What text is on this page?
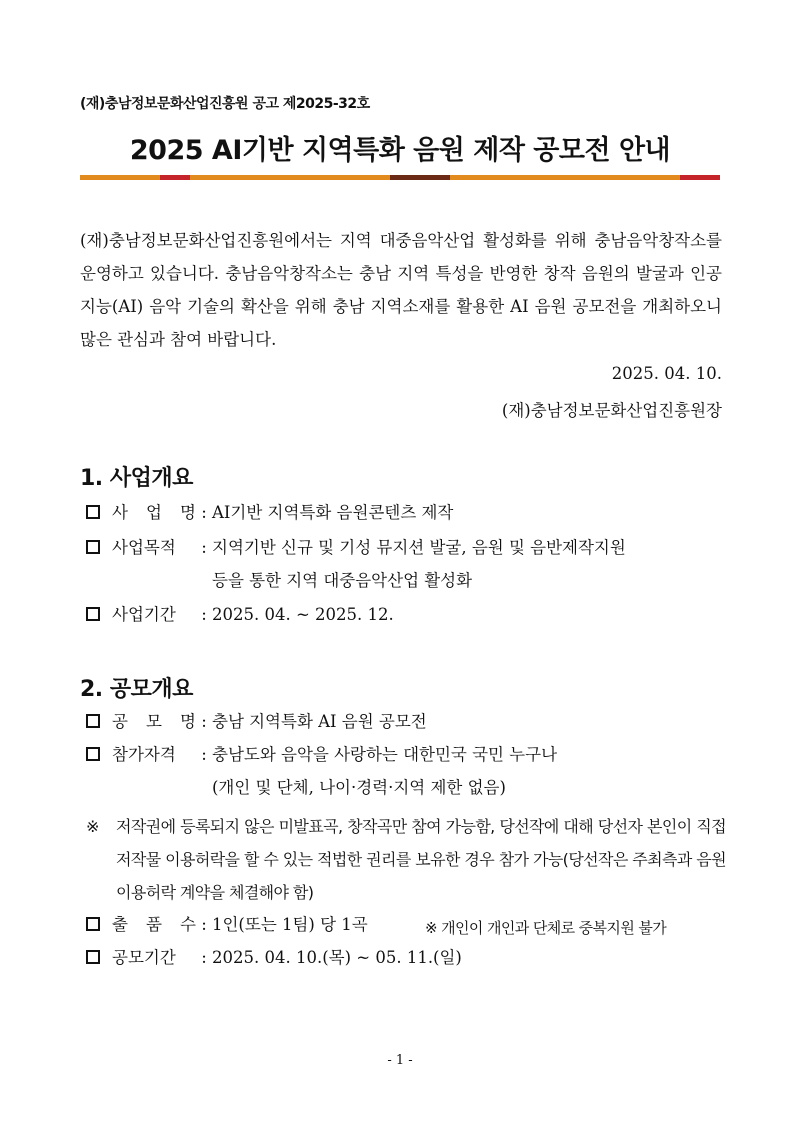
(재)충남정보문화산업진흥원 공고 제2025-32호
2025 AI기반 지역특화 음원 제작 공모전 안내

(재)충남정보문화산업진흥원에서는 지역 대중음악산업 활성화를 위해 충남음악창작소를 운영하고 있습니다. 충남음악창작소는 충남 지역 특성을 반영한 창작 음원의 발굴과 인공지능(AI) 음악 기술의 확산을 위해 충남 지역소재를 활용한 AI 음원 공모전을 개최하오니 많은 관심과 참여 바랍니다.

2025. 04. 10.
(재)충남정보문화산업진흥원장
1. 사업개요
사 업 명 : AI기반 지역특화 음원콘텐츠 제작
사업목적 : 지역기반 신규 및 기성 뮤지션 발굴, 음원 및 음반제작지원
등을 통한 지역 대중음악산업 활성화
사업기간 : 2025. 04. ~ 2025. 12.
2. 공모개요
공 모 명 : 충남 지역특화 AI 음원 공모전
참가자격 : 충남도와 음악을 사랑하는 대한민국 국민 누구나
(개인 및 단체, 나이·경력·지역 제한 없음)
※ 저작권에 등록되지 않은 미발표곡, 창작곡만 참여 가능함, 당선작에 대해 당선자 본인이 직접 저작물 이용허락을 할 수 있는 적법한 권리를 보유한 경우 참가 가능(당선작은 주최측과 음원 이용허락 계약을 체결해야 함)
출 품 수 : 1인(또는 1팀) 당 1곡	※ 개인이 개인과 단체로 중복지원 불가
공모기간 : 2025. 04. 10.(목) ~ 05. 11.(일)
- 1 -
